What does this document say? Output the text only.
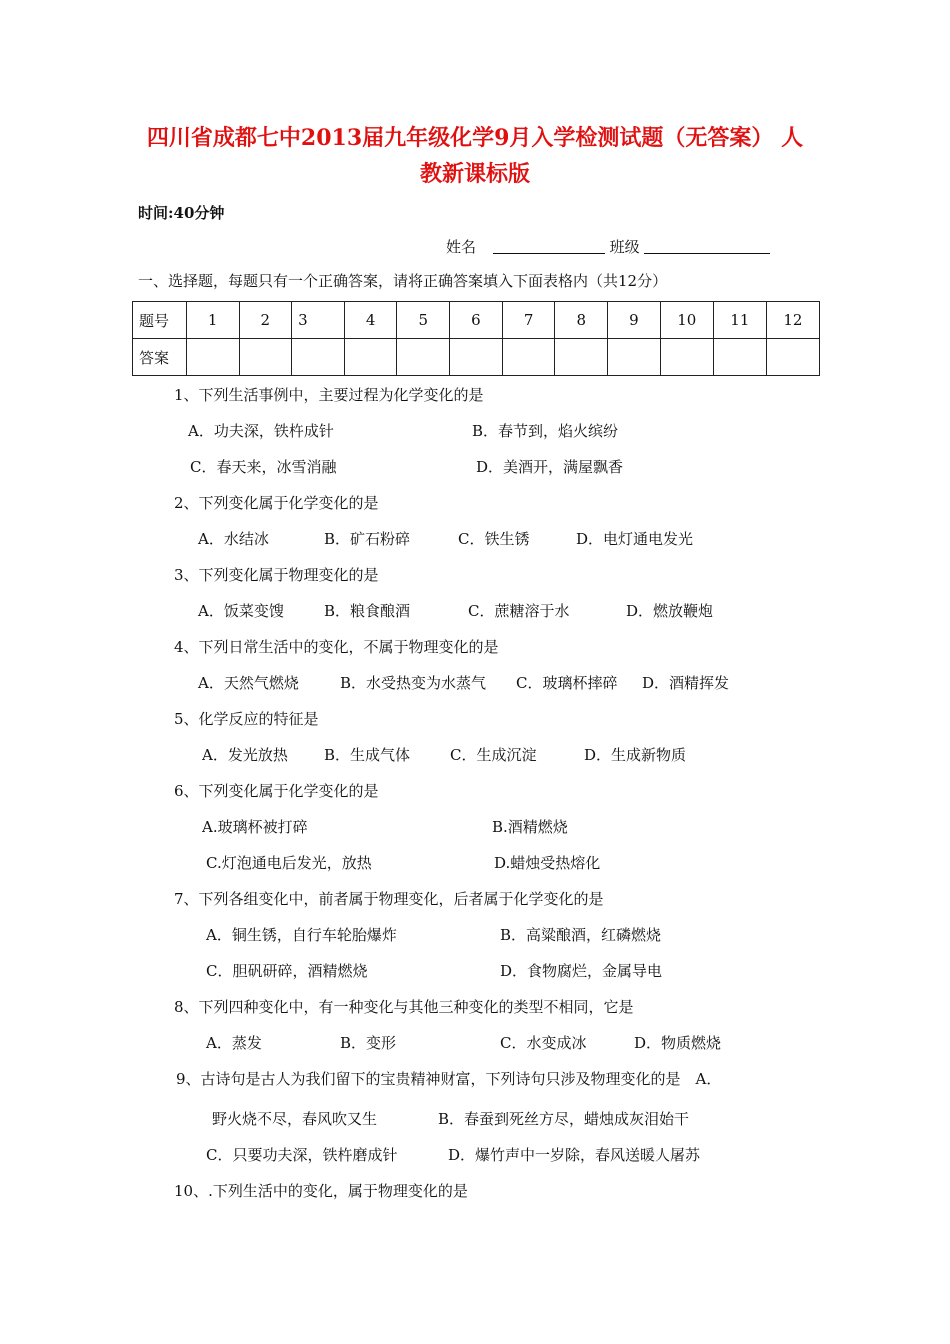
四川省成都七中2013届九年级化学9月入学检测试题（无答案） 人
教新课标版
时间:40分钟
姓名	班级
一、选择题，每题只有一个正确答案，请将正确答案填入下面表格内（共12分）
题号	1	2	3	4	5	6	7	8	9	10	11	12
答案												
1、下列生活事例中，主要过程为化学变化的是
A．功夫深，铁杵成针	B．春节到，焰火缤纷
C．春天来，冰雪消融	D．美酒开，满屋飘香
2、下列变化属于化学变化的是
A．水结冰	B．矿石粉碎	C．铁生锈	D．电灯通电发光
3、下列变化属于物理变化的是
A．饭菜变馊	B．粮食酿酒	C．蔗糖溶于水	D．燃放鞭炮
4、下列日常生活中的变化，不属于物理变化的是
A．天然气燃烧	B．水受热变为水蒸气 C．玻璃杯摔碎 D．酒精挥发
5、化学反应的特征是
A．发光放热 B．生成气体	C．生成沉淀	D．生成新物质
6、下列变化属于化学变化的是
A.玻璃杯被打碎	B.酒精燃烧
C.灯泡通电后发光，放热	D.蜡烛受热熔化
7、下列各组变化中，前者属于物理变化，后者属于化学变化的是
A．铜生锈，自行车轮胎爆炸	B．高粱酿酒，红磷燃烧
C．胆矾研碎，酒精燃烧	D．食物腐烂，金属导电
8、下列四种变化中，有一种变化与其他三种变化的类型不相同，它是
A．蒸发	B．变形	C．水变成冰	D．物质燃烧
9、古诗句是古人为我们留下的宝贵精神财富，下列诗句只涉及物理变化的是　A．
野火烧不尽，春风吹又生	B．春蚕到死丝方尽，蜡烛成灰泪始干
C．只要功夫深，铁杵磨成针	D．爆竹声中一岁除，春风送暖人屠苏
10、.下列生活中的变化，属于物理变化的是
